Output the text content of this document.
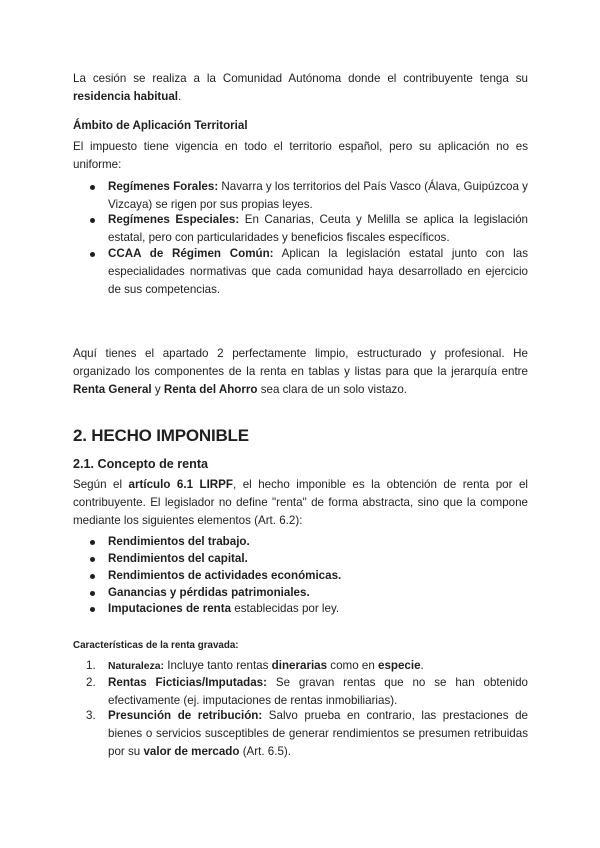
La cesión se realiza a la Comunidad Autónoma donde el contribuyente tenga su residencia habitual.

Ámbito de Aplicación Territorial

El impuesto tiene vigencia en todo el territorio español, pero su aplicación no es uniforme:

Regímenes Forales: Navarra y los territorios del País Vasco (Álava, Guipúzcoa y Vizcaya) se rigen por sus propias leyes.

Regímenes Especiales: En Canarias, Ceuta y Melilla se aplica la legislación estatal, pero con particularidades y beneficios fiscales específicos.

CCAA de Régimen Común: Aplican la legislación estatal junto con las especialidades normativas que cada comunidad haya desarrollado en ejercicio de sus competencias.

Aquí tienes el apartado 2 perfectamente limpio, estructurado y profesional. He organizado los componentes de la renta en tablas y listas para que la jerarquía entre Renta General y Renta del Ahorro sea clara de un solo vistazo.

2. HECHO IMPONIBLE

2.1. Concepto de renta

Según el artículo 6.1 LIRPF, el hecho imponible es la obtención de renta por el contribuyente. El legislador no define "renta" de forma abstracta, sino que la compone mediante los siguientes elementos (Art. 6.2):

Rendimientos del trabajo.

Rendimientos del capital.

Rendimientos de actividades económicas.

Ganancias y pérdidas patrimoniales.

Imputaciones de renta establecidas por ley.

Características de la renta gravada:

1. Naturaleza: Incluye tanto rentas dinerarias como en especie.

2. Rentas Ficticias/Imputadas: Se gravan rentas que no se han obtenido efectivamente (ej. imputaciones de rentas inmobiliarias).

3. Presunción de retribución: Salvo prueba en contrario, las prestaciones de bienes o servicios susceptibles de generar rendimientos se presumen retribuidas por su valor de mercado (Art. 6.5).
